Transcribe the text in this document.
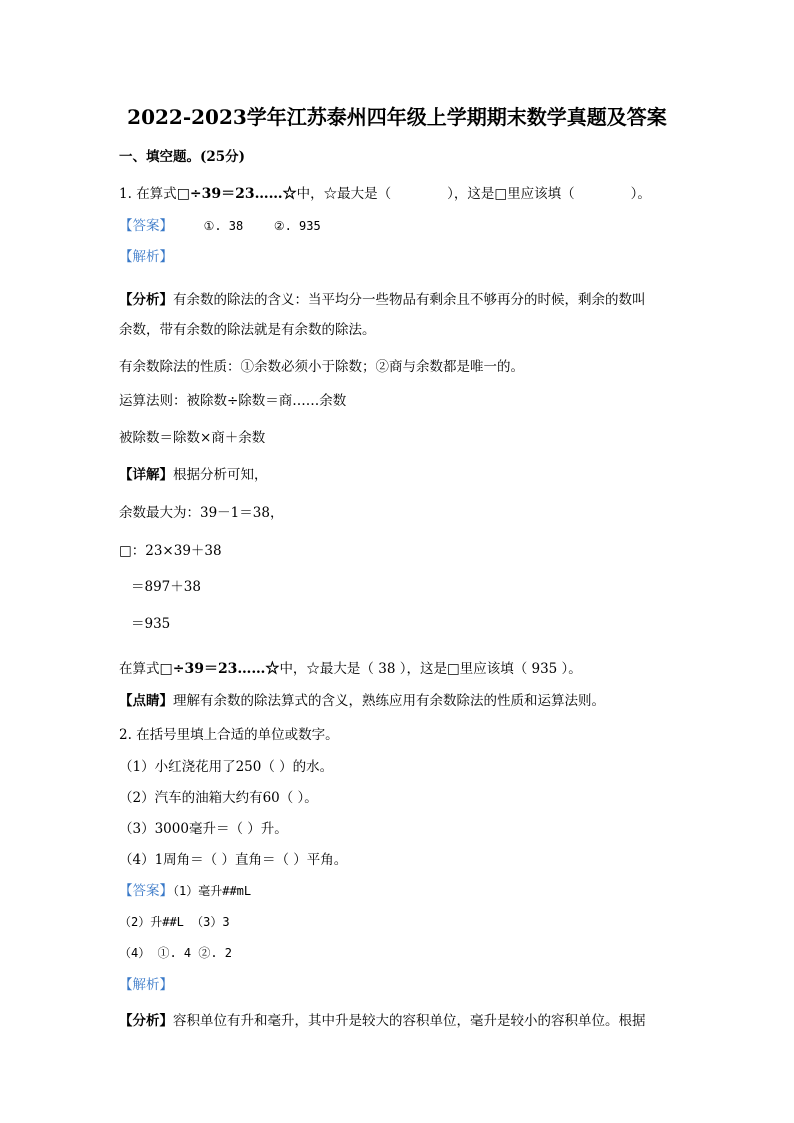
2022-2023学年江苏泰州四年级上学期期末数学真题及答案
一、填空题。(25分)
1. 在算式□÷39＝23……☆中，☆最大是（	），这是□里应该填（	）。
【答案】	①. 38	②. 935
【解析】
【分析】有余数的除法的含义：当平均分一些物品有剩余且不够再分的时候，剩余的数叫
余数，带有余数的除法就是有余数的除法。
有余数除法的性质：①余数必须小于除数；②商与余数都是唯一的。
运算法则：被除数÷除数＝商……余数
被除数＝除数×商＋余数
【详解】根据分析可知，
余数最大为：39－1＝38，
□：23×39＋38
＝897＋38
＝935
在算式□÷39＝23……☆中，☆最大是（ 38 ），这是□里应该填（ 935 ）。
【点睛】理解有余数的除法算式的含义，熟练应用有余数除法的性质和运算法则。
2. 在括号里填上合适的单位或数字。
（1）小红浇花用了250（ ）的水。
（2）汽车的油箱大约有60（ ）。
（3）3000毫升＝（ ）升。
（4）1周角＝（ ）直角＝（ ）平角。
【答案】（1）毫升##mL
（2）升##L （3）3
（4） ①. 4 ②. 2
【解析】
【分析】容积单位有升和毫升，其中升是较大的容积单位，毫升是较小的容积单位。根据
